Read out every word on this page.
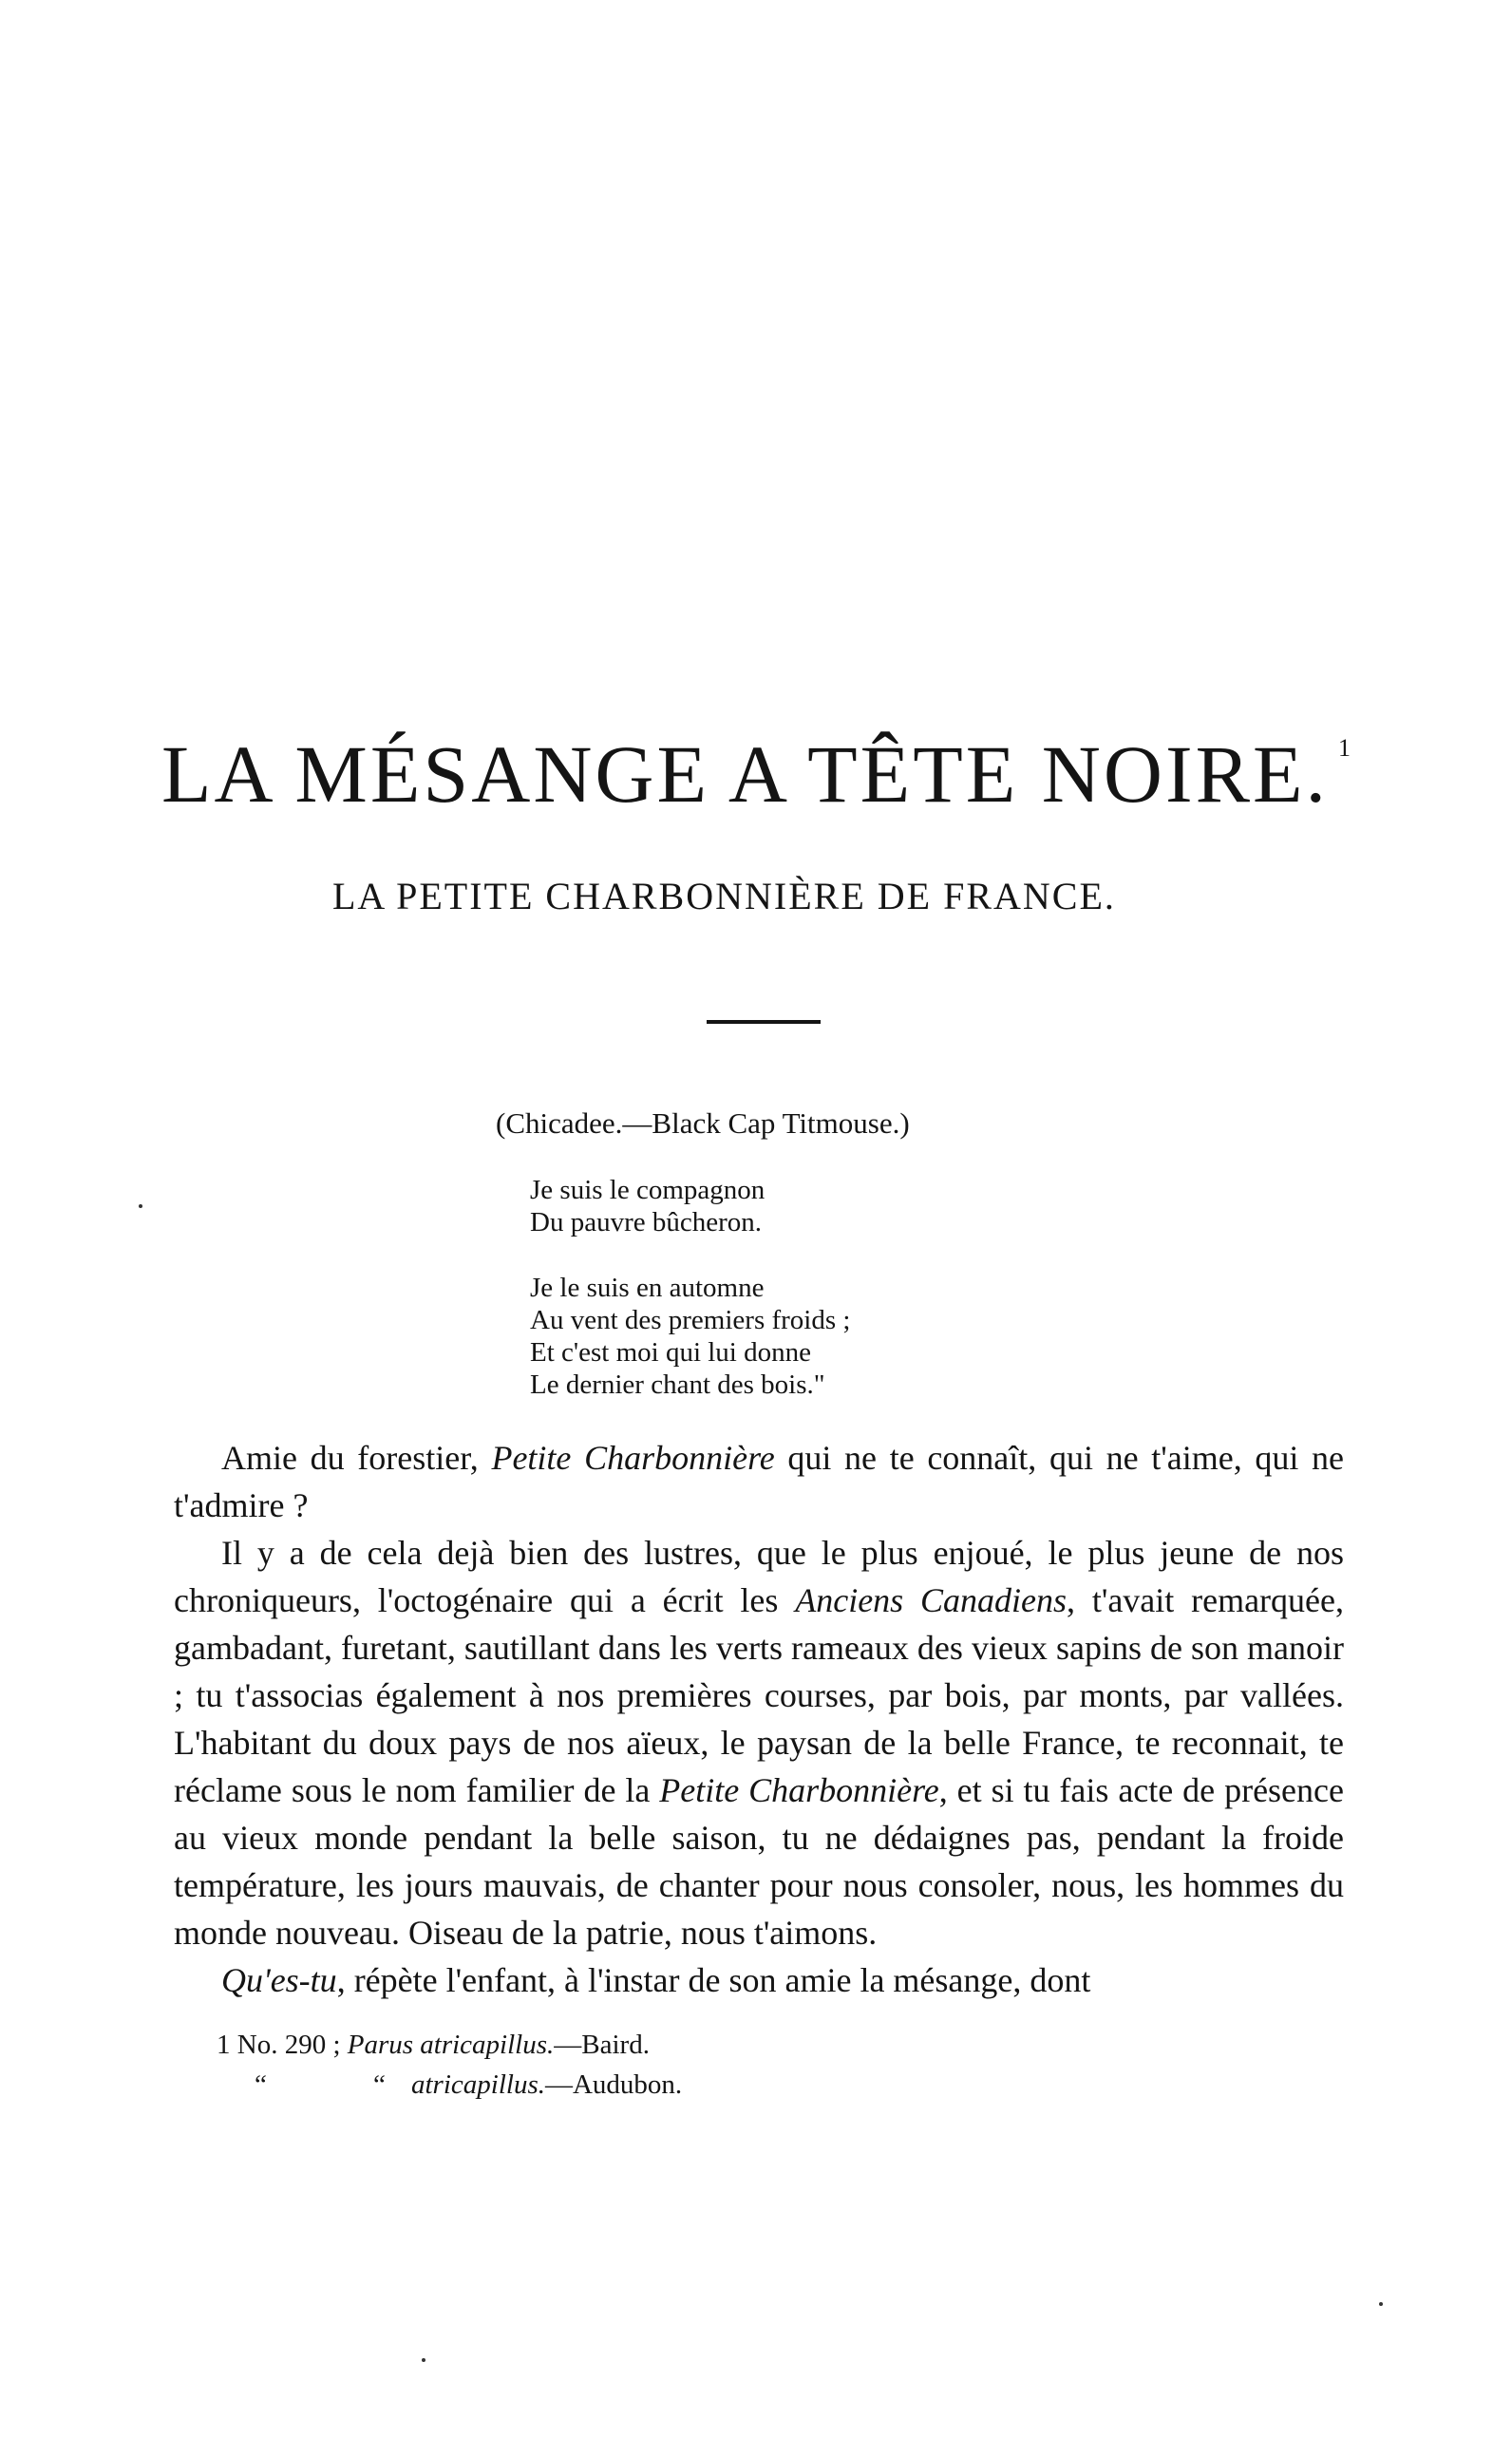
LA MÉSANGE A TÊTE NOIRE. $^1$
LA PETITE CHARBONNIÈRE DE FRANCE.
(Chicadee.—Black Cap Titmouse.)
Je suis le compagnon
Du pauvre bûcheron.
Je le suis en automne
Au vent des premiers froids ;
Et c'est moi qui lui donne
Le dernier chant des bois."

Amie du forestier, Petite Charbonnière qui ne te connaît, qui ne t'aime, qui ne t'admire ?

Il y a de cela dejà bien des lustres, que le plus enjoué, le plus jeune de nos chroniqueurs, l'octogénaire qui a écrit les Anciens Canadiens, t'avait remarquée, gambadant, furetant, sautillant dans les verts rameaux des vieux sapins de son manoir ; tu t'associas également à nos premières courses, par bois, par monts, par vallées. L'habitant du doux pays de nos aïeux, le paysan de la belle France, te reconnait, te réclame sous le nom familier de la Petite Charbonnière, et si tu fais acte de présence au vieux monde pendant la belle saison, tu ne dédaignes pas, pendant la froide température, les jours mauvais, de chanter pour nous consoler, nous, les hommes du monde nouveau. Oiseau de la patrie, nous t'aimons.

Qu'es-tu, répète l'enfant, à l'instar de son amie la mésange, dont

1 No. 290 ; Parus atricapillus.—Baird.
“	“ atricapillus.—Audubon.
